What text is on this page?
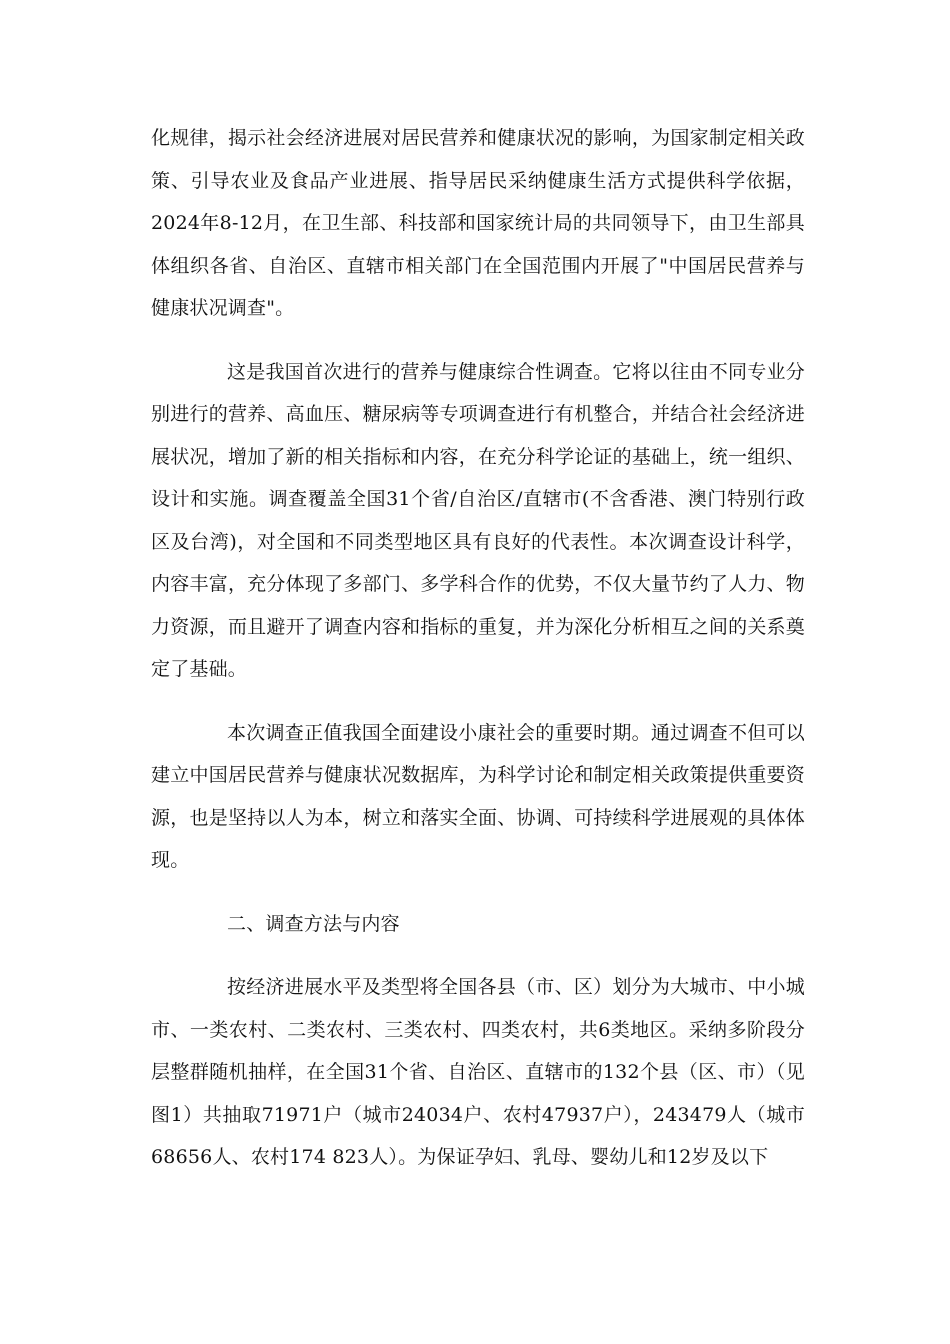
化规律，揭示社会经济进展对居民营养和健康状况的影响，为国家制定相关政策、引导农业及食品产业进展、指导居民采纳健康生活方式提供科学依据，2024年8-12月，在卫生部、科技部和国家统计局的共同领导下，由卫生部具体组织各省、自治区、直辖市相关部门在全国范围内开展了"中国居民营养与健康状况调查"。

这是我国首次进行的营养与健康综合性调查。它将以往由不同专业分别进行的营养、高血压、糖尿病等专项调查进行有机整合，并结合社会经济进展状况，增加了新的相关指标和内容，在充分科学论证的基础上，统一组织、设计和实施。调查覆盖全国31个省/自治区/直辖市(不含香港、澳门特别行政区及台湾)，对全国和不同类型地区具有良好的代表性。本次调查设计科学，内容丰富，充分体现了多部门、多学科合作的优势，不仅大量节约了人力、物力资源，而且避开了调查内容和指标的重复，并为深化分析相互之间的关系奠定了基础。

本次调查正值我国全面建设小康社会的重要时期。通过调查不但可以建立中国居民营养与健康状况数据库，为科学讨论和制定相关政策提供重要资源，也是坚持以人为本，树立和落实全面、协调、可持续科学进展观的具体体现。

二、调查方法与内容

按经济进展水平及类型将全国各县（市、区）划分为大城市、中小城市、一类农村、二类农村、三类农村、四类农村，共6类地区。采纳多阶段分层整群随机抽样，在全国31个省、自治区、直辖市的132个县（区、市）（见图1）共抽取71971户（城市24034户、农村47937户），243479人（城市68656人、农村174 823人）。为保证孕妇、乳母、婴幼儿和12岁及以下
